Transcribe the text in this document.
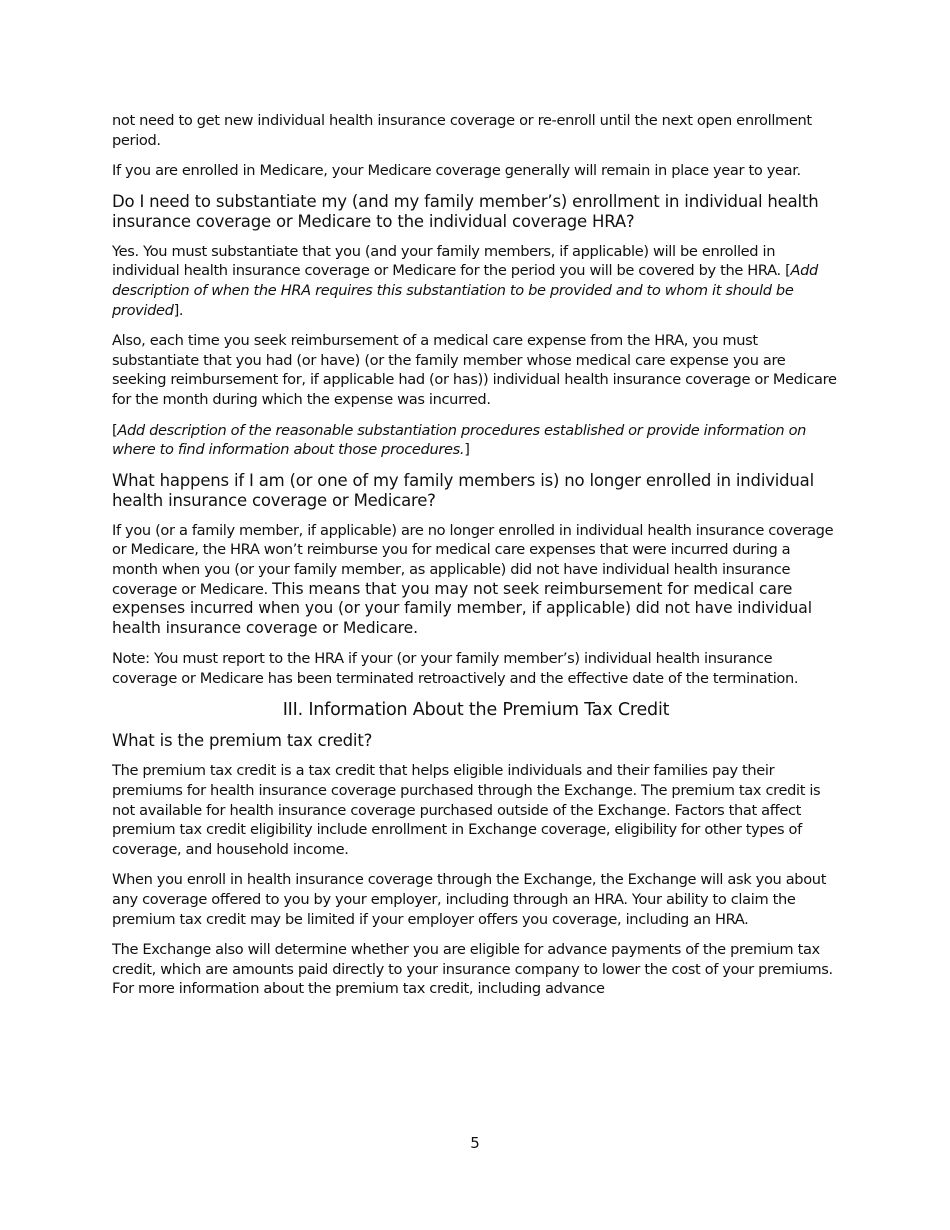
not need to get new individual health insurance coverage or re-enroll until the next open enrollment period.

If you are enrolled in Medicare, your Medicare coverage generally will remain in place year to year.

Do I need to substantiate my (and my family member’s) enrollment in individual health insurance coverage or Medicare to the individual coverage HRA?

Yes. You must substantiate that you (and your family members, if applicable) will be enrolled in individual health insurance coverage or Medicare for the period you will be covered by the HRA. [Add description of when the HRA requires this substantiation to be provided and to whom it should be provided].

Also, each time you seek reimbursement of a medical care expense from the HRA, you must substantiate that you had (or have) (or the family member whose medical care expense you are seeking reimbursement for, if applicable had (or has)) individual health insurance coverage or Medicare for the month during which the expense was incurred.

[Add description of the reasonable substantiation procedures established or provide information on where to find information about those procedures.]

What happens if I am (or one of my family members is) no longer enrolled in individual health insurance coverage or Medicare?

If you (or a family member, if applicable) are no longer enrolled in individual health insurance coverage or Medicare, the HRA won’t reimburse you for medical care expenses that were incurred during a month when you (or your family member, as applicable) did not have individual health insurance coverage or Medicare. This means that you may not seek reimbursement for medical care expenses incurred when you (or your family member, if applicable) did not have individual health insurance coverage or Medicare.

Note: You must report to the HRA if your (or your family member’s) individual health insurance coverage or Medicare has been terminated retroactively and the effective date of the termination.

III. Information About the Premium Tax Credit
What is the premium tax credit?

The premium tax credit is a tax credit that helps eligible individuals and their families pay their premiums for health insurance coverage purchased through the Exchange. The premium tax credit is not available for health insurance coverage purchased outside of the Exchange. Factors that affect premium tax credit eligibility include enrollment in Exchange coverage, eligibility for other types of coverage, and household income.

When you enroll in health insurance coverage through the Exchange, the Exchange will ask you about any coverage offered to you by your employer, including through an HRA. Your ability to claim the premium tax credit may be limited if your employer offers you coverage, including an HRA.

The Exchange also will determine whether you are eligible for advance payments of the premium tax credit, which are amounts paid directly to your insurance company to lower the cost of your premiums. For more information about the premium tax credit, including advance

5
